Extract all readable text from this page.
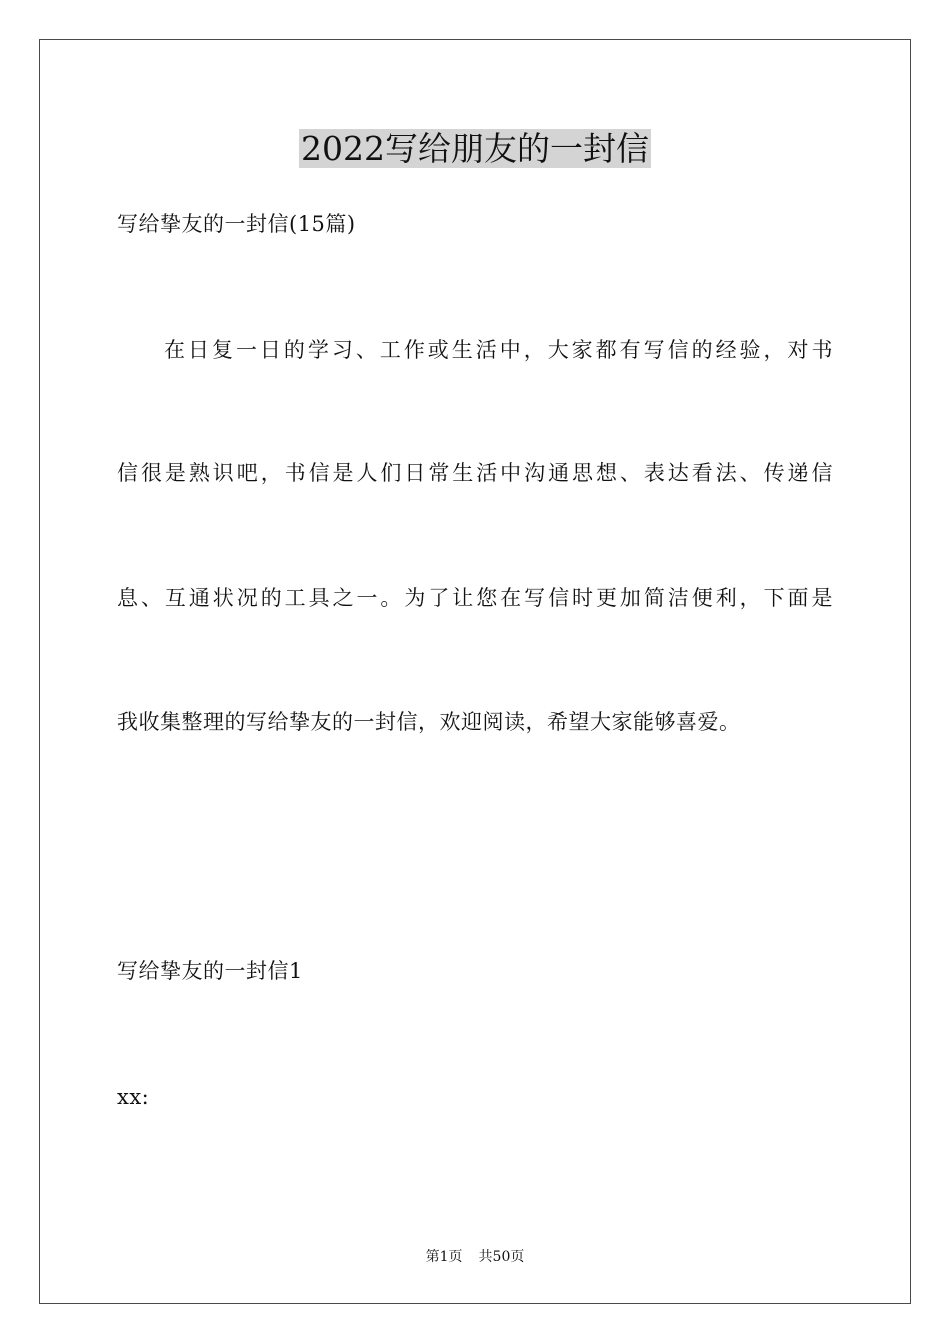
2022写给朋友的一封信
写给挚友的一封信(15篇)
在日复一日的学习、工作或生活中，大家都有写信的经验，对书
信很是熟识吧，书信是人们日常生活中沟通思想、表达看法、传递信
息、互通状况的工具之一。为了让您在写信时更加简洁便利，下面是
我收集整理的写给挚友的一封信，欢迎阅读，希望大家能够喜爱。
写给挚友的一封信1
xx:
第1页 共50页
